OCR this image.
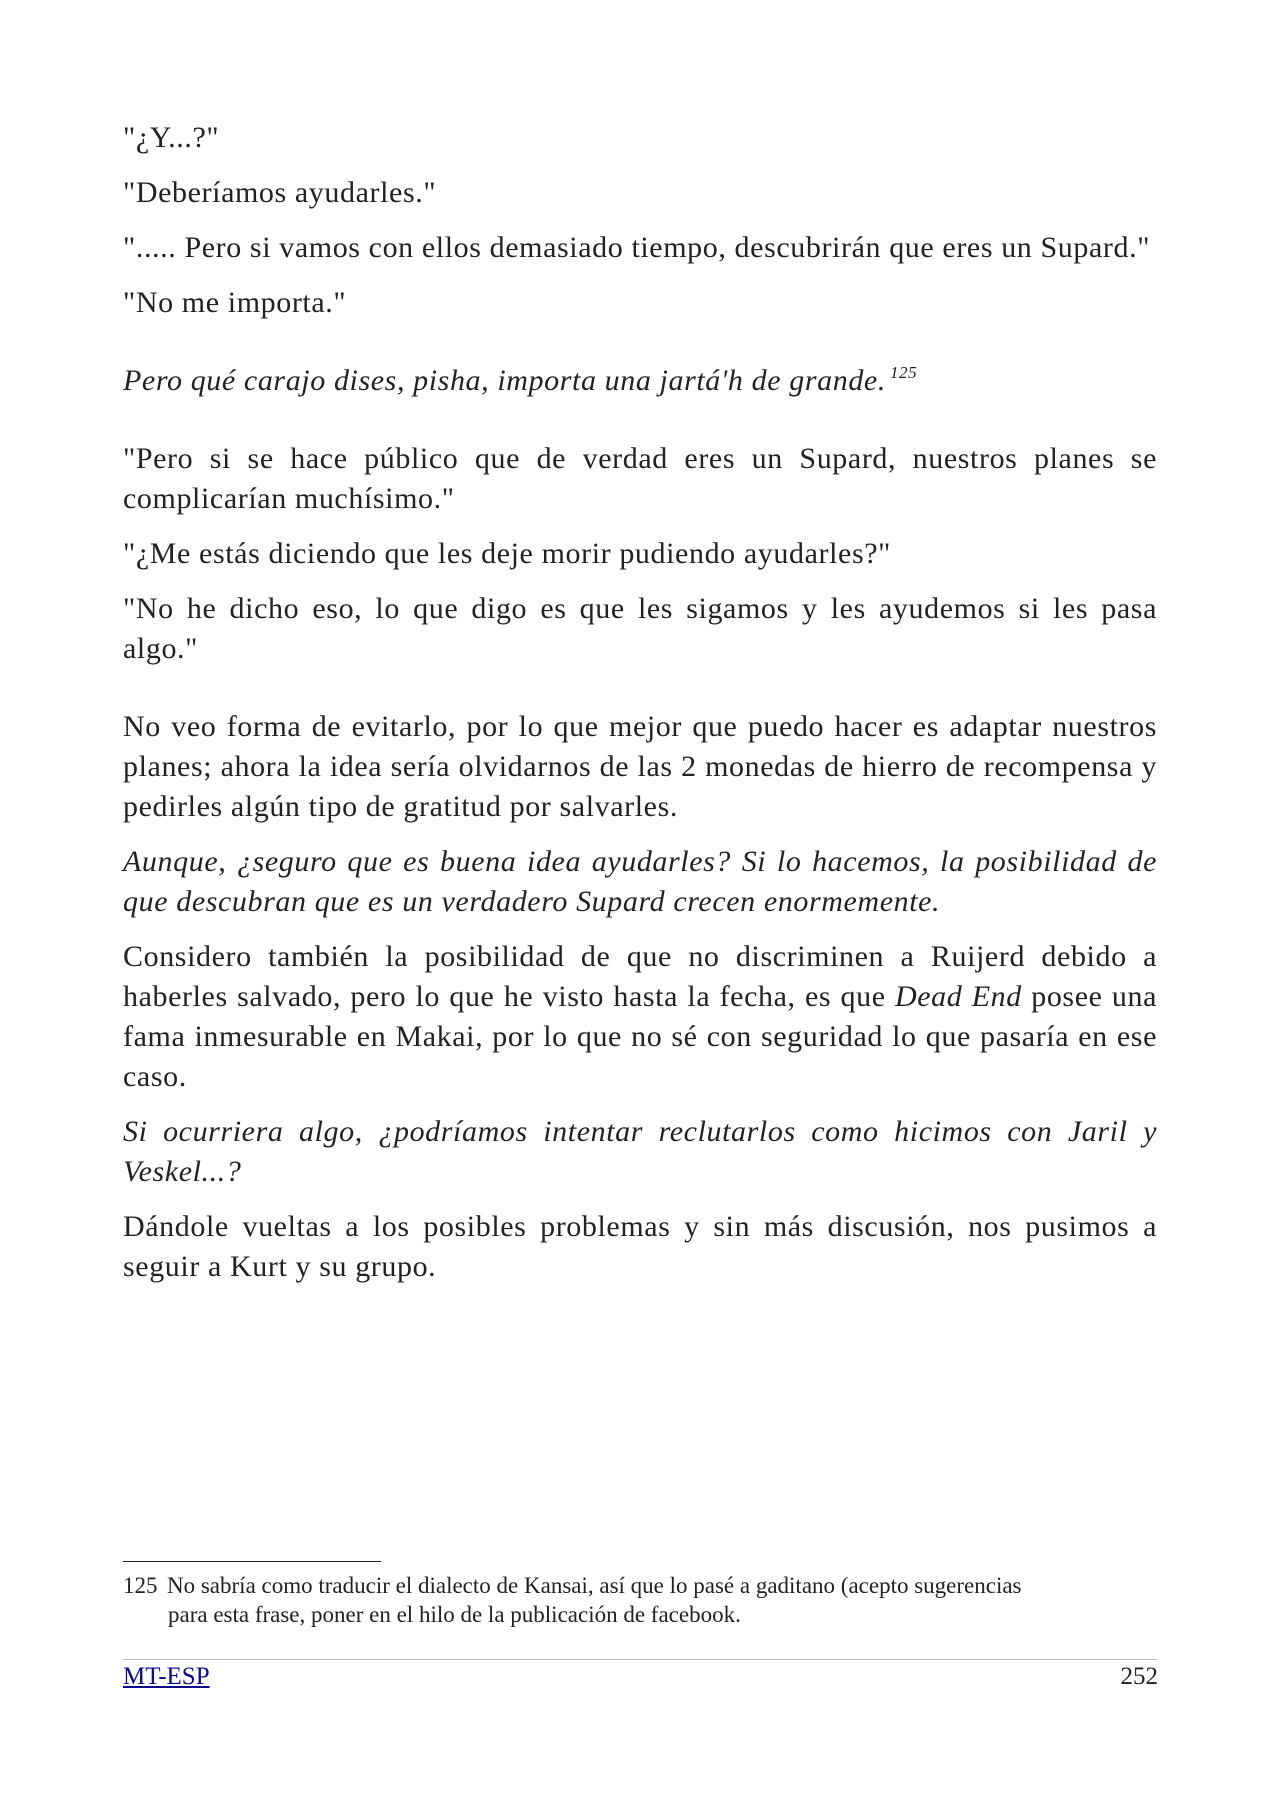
"¿Y...?"

"Deberíamos ayudarles."

"..... Pero si vamos con ellos demasiado tiempo, descubrirán que eres un Supard."

"No me importa."

Pero qué carajo dises, pisha, importa una jartá'h de grande. $^{125}$

"Pero si se hace público que de verdad eres un Supard, nuestros planes se complicarían muchísimo."

"¿Me estás diciendo que les deje morir pudiendo ayudarles?"

"No he dicho eso, lo que digo es que les sigamos y les ayudemos si les pasa algo."

No veo forma de evitarlo, por lo que mejor que puedo hacer es adaptar nuestros planes; ahora la idea sería olvidarnos de las 2 monedas de hierro de recompensa y pedirles algún tipo de gratitud por salvarles.

Aunque, ¿seguro que es buena idea ayudarles? Si lo hacemos, la posibilidad de que descubran que es un verdadero Supard crecen enormemente.

Considero también la posibilidad de que no discriminen a Ruijerd debido a haberles salvado, pero lo que he visto hasta la fecha, es que Dead End posee una fama inmesurable en Makai, por lo que no sé con seguridad lo que pasaría en ese caso.

Si ocurriera algo, ¿podríamos intentar reclutarlos como hicimos con Jaril y Veskel...?

Dándole vueltas a los posibles problemas y sin más discusión, nos pusimos a seguir a Kurt y su grupo.

125 No sabría como traducir el dialecto de Kansai, así que lo pasé a gaditano (acepto sugerencias
para esta frase, poner en el hilo de la publicación de facebook.
MT-ESP	252
